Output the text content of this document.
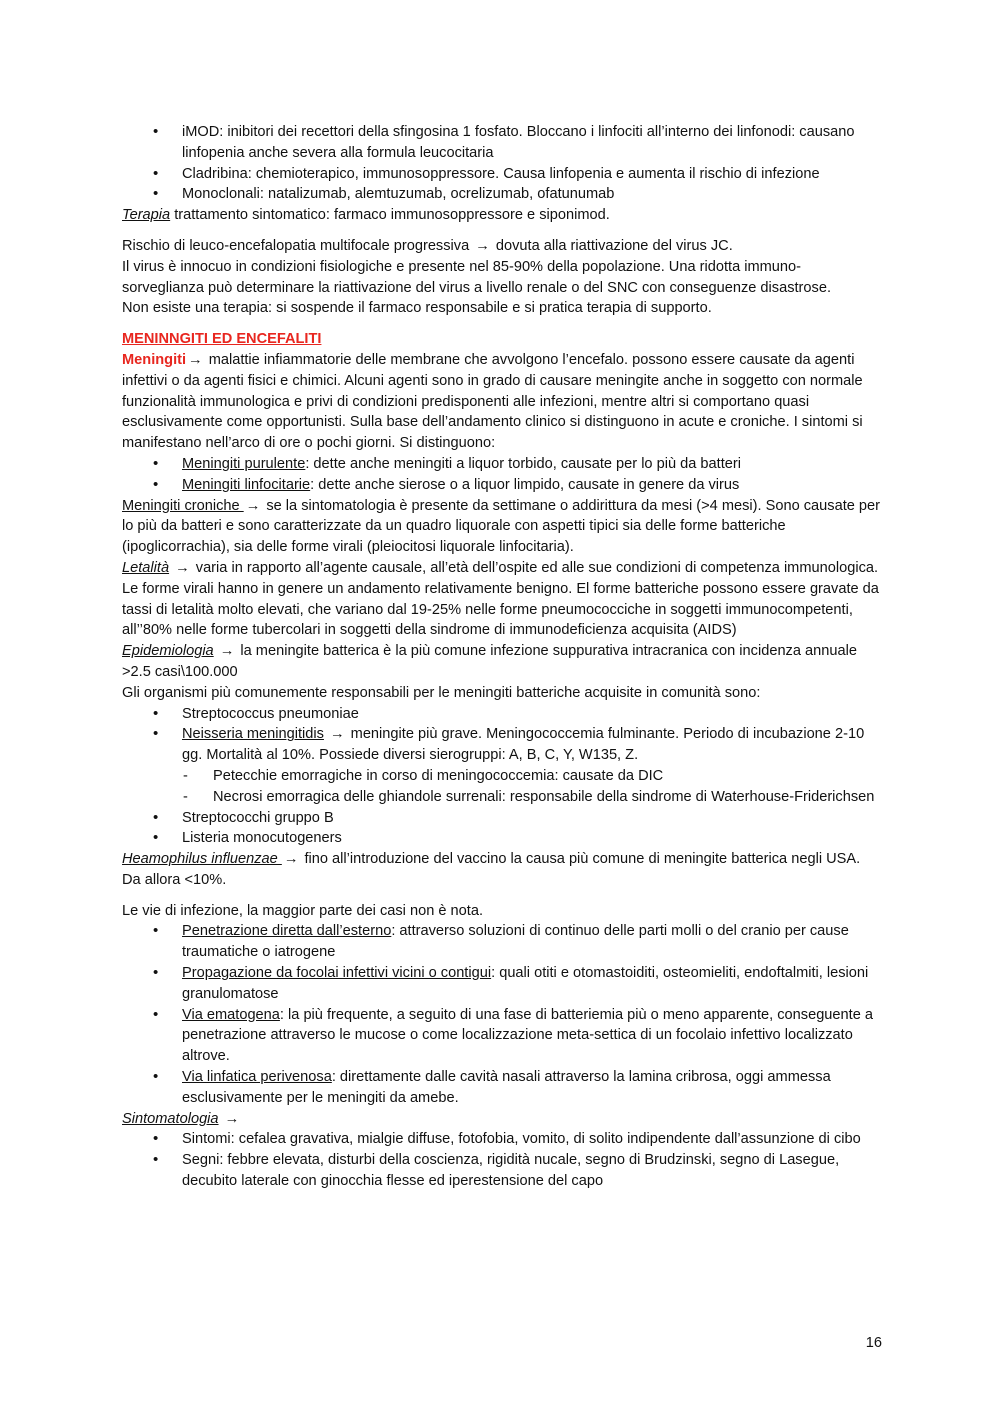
• iMOD: inibitori dei recettori della sfingosina 1 fosfato. Bloccano i linfociti all’interno dei linfonodi: causano linfopenia anche severa alla formula leucocitaria
• Cladribina: chemioterapico, immunosoppressore. Causa linfopenia e aumenta il rischio di infezione
• Monoclonali: natalizumab, alemtuzumab, ocrelizumab, ofatunumab

Terapia trattamento sintomatico: farmaco immunosoppressore e siponimod.

Rischio di leuco-encefalopatia multifocale progressiva → dovuta alla riattivazione del virus JC.

Il virus è innocuo in condizioni fisiologiche e presente nel 85-90% della popolazione. Una ridotta immuno-sorveglianza può determinare la riattivazione del virus a livello renale o del SNC con conseguenze disastrose.

Non esiste una terapia: si sospende il farmaco responsabile e si pratica terapia di supporto.

MENINNGITI ED ENCEFALITI

Meningiti → malattie infiammatorie delle membrane che avvolgono l’encefalo. possono essere causate da agenti infettivi o da agenti fisici e chimici. Alcuni agenti sono in grado di causare meningite anche in soggetto con normale funzionalità immunologica e privi di condizioni predisponenti alle infezioni, mentre altri si comportano quasi esclusivamente come opportunisti. Sulla base dell’andamento clinico si distinguono in acute e croniche. I sintomi si manifestano nell’arco di ore o pochi giorni. Si distinguono:

• Meningiti purulente: dette anche meningiti a liquor torbido, causate per lo più da batteri
• Meningiti linfocitarie: dette anche sierose o a liquor limpido, causate in genere da virus

Meningiti croniche → se la sintomatologia è presente da settimane o addirittura da mesi (>4 mesi). Sono causate per lo più da batteri e sono caratterizzate da un quadro liquorale con aspetti tipici sia delle forme batteriche (ipoglicorrachia), sia delle forme virali (pleiocitosi liquorale linfocitaria).

Letalità → varia in rapporto all’agente causale, all’età dell’ospite ed alle sue condizioni di competenza immunologica. Le forme virali hanno in genere un andamento relativamente benigno. El forme batteriche possono essere gravate da tassi di letalità molto elevati, che variano dal 19-25% nelle forme pneumococciche in soggetti immunocompetenti, all’’80% nelle forme tubercolari in soggetti della sindrome di immunodeficienza acquisita (AIDS)

Epidemiologia → la meningite batterica è la più comune infezione suppurativa intracranica con incidenza annuale >2.5 casi\100.000

Gli organismi più comunemente responsabili per le meningiti batteriche acquisite in comunità sono:

• Strepto​coccus pneumoniae
• Neisseria meningitidis → meningite più grave. Meningococcemia fulminante. Periodo di incubazione 2-10 gg. Mortalità al 10%. Possiede diversi sierogruppi: A, B, C, Y, W135, Z.
- Petecchie emorragiche in corso di meningococcemia: causate da DIC
- Necrosi emorragica delle ghiandole surrenali: responsabile della sindrome di Waterhouse-Friderichsen
• Streptococchi gruppo B
• Listeria monocutogeners

Heamophilus influenzae → fino all’introduzione del vaccino la causa più comune di meningite batterica negli USA. Da allora <10%.

Le vie di infezione, la maggior parte dei casi non è nota.

• Penetrazione diretta dall’esterno: attraverso soluzioni di continuo delle parti molli o del cranio per cause traumatiche o iatrogene
• Propagazione da focolai infettivi vicini o contigui: quali otiti e otomastoiditi, osteomieliti, endoftalmiti, lesioni granulomatose
• Via ematogena: la più frequente, a seguito di una fase di batteriemia più o meno apparente, conseguente a penetrazione attraverso le mucose o come localizzazione meta-settica di un focolaio infettivo localizzato altrove.
• Via linfatica perivenosa: direttamente dalle cavità nasali attraverso la lamina cribrosa, oggi ammessa esclusivamente per le meningiti da amebe.

Sintomatologia →

• Sintomi: cefalea gravativa, mialgie diffuse, fotofobia, vomito, di solito indipendente dall’assunzione di cibo
• Segni: febbre elevata, disturbi della coscienza, rigidità nucale, segno di Brudzinski, segno di Lasegue, decubito laterale con ginocchia flesse ed iperestensione del capo
16
